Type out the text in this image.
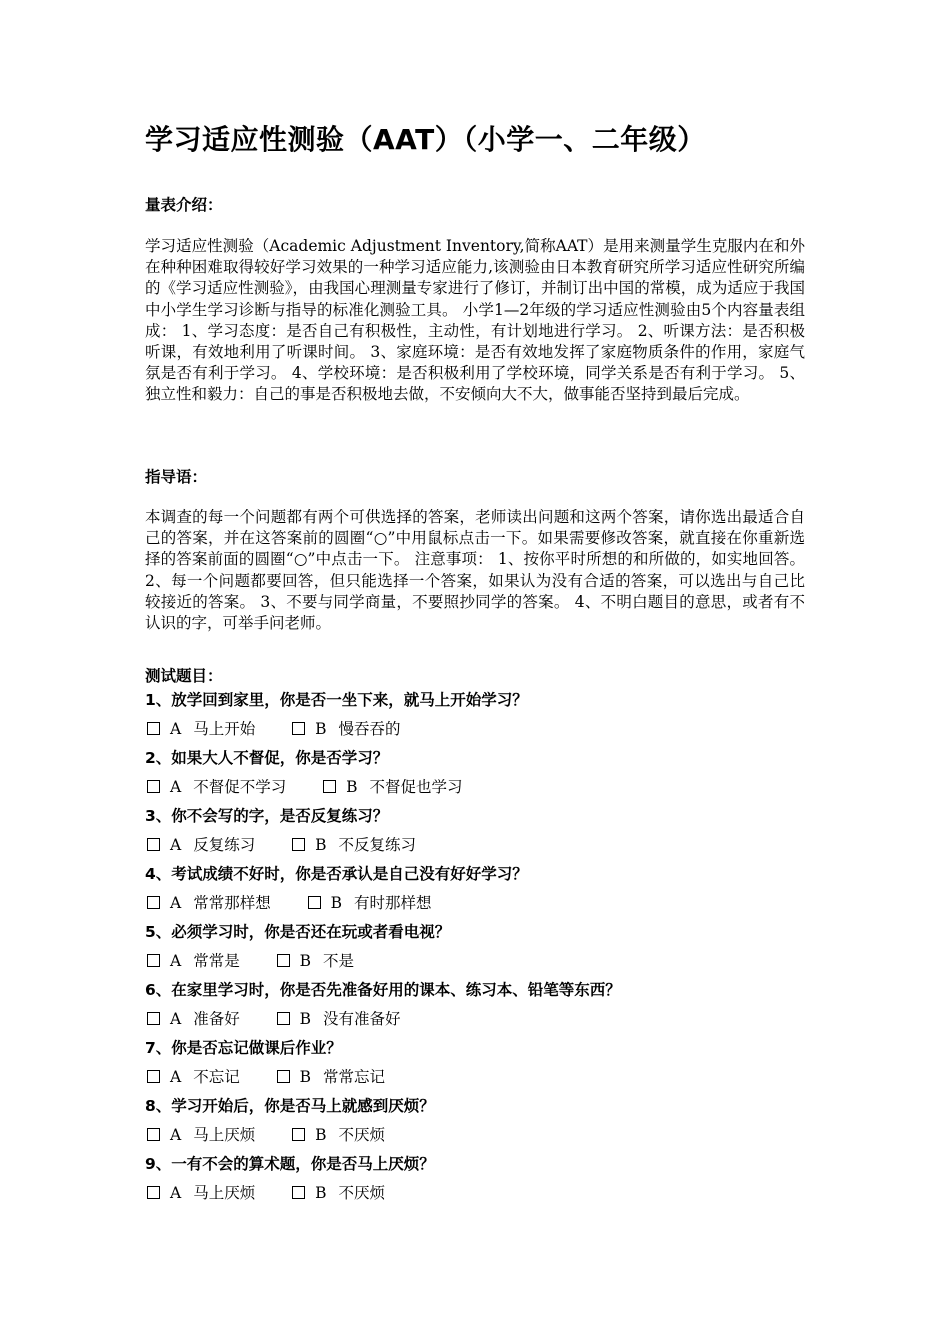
学习适应性测验（AAT）（小学一、二年级）
量表介绍：
学习适应性测验（Academic Adjustment Inventory,简称AAT）是用来测量学生克服内在和外在种种困难取得较好学习效果的一种学习适应能力,该测验由日本教育研究所学习适应性研究所编的《学习适应性测验》，由我国心理测量专家进行了修订，并制订出中国的常模，成为适应于我国中小学生学习诊断与指导的标准化测验工具。 小学1—2年级的学习适应性测验由5个内容量表组成： 1、学习态度：是否自己有积极性，主动性，有计划地进行学习。 2、听课方法：是否积极听课，有效地利用了听课时间。 3、家庭环境：是否有效地发挥了家庭物质条件的作用，家庭气氛是否有利于学习。 4、学校环境：是否积极利用了学校环境，同学关系是否有利于学习。 5、独立性和毅力：自己的事是否积极地去做，不安倾向大不大，做事能否坚持到最后完成。
指导语：
本调查的每一个问题都有两个可供选择的答案，老师读出问题和这两个答案，请你选出最适合自己的答案，并在这答案前的圆圈“○”中用鼠标点击一下。如果需要修改答案，就直接在你重新选择的答案前面的圆圈“○”中点击一下。 注意事项： 1、按你平时所想的和所做的，如实地回答。 2、每一个问题都要回答，但只能选择一个答案，如果认为没有合适的答案，可以选出与自己比较接近的答案。 3、不要与同学商量，不要照抄同学的答案。 4、不明白题目的意思，或者有不认识的字，可举手问老师。
测试题目：
1、放学回到家里，你是否一坐下来，就马上开始学习？
A 马上开始	B 慢吞吞的
2、如果大人不督促，你是否学习？
A 不督促不学习	B 不督促也学习
3、你不会写的字，是否反复练习？
A 反复练习	B 不反复练习
4、考试成绩不好时，你是否承认是自己没有好好学习？
A 常常那样想	B 有时那样想
5、必须学习时，你是否还在玩或者看电视？
A 常常是	B 不是
6、在家里学习时，你是否先准备好用的课本、练习本、铅笔等东西？
A 准备好	B 没有准备好
7、你是否忘记做课后作业？
A 不忘记	B 常常忘记
8、学习开始后，你是否马上就感到厌烦？
A 马上厌烦	B 不厌烦
9、一有不会的算术题，你是否马上厌烦？
A 马上厌烦	B 不厌烦
